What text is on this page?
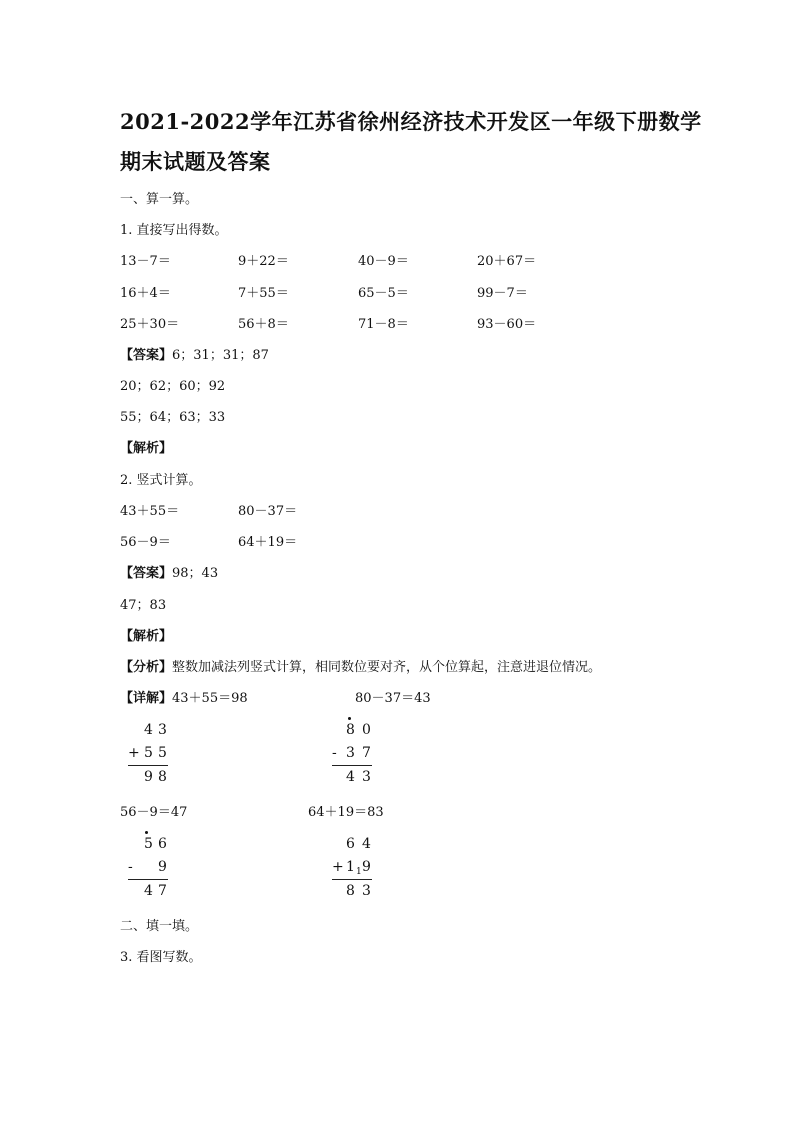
2021-2022学年江苏省徐州经济技术开发区一年级下册数学
期末试题及答案
一、算一算。
1. 直接写出得数。
13－7＝	9＋22＝	40－9＝	20＋67＝
16＋4＝	7＋55＝	65－5＝	99－7＝
25＋30＝	56＋8＝	71－8＝	93－60＝
【答案】6；31；31；87
20；62；60；92
55；64；63；33
【解析】
2. 竖式计算。
43＋55＝	80－37＝
56－9＝	64＋19＝
【答案】98；43
47；83
【解析】
【分析】整数加减法列竖式计算，相同数位要对齐，从个位算起，注意进退位情况。
【详解】43＋55＝98	80－37＝43
4 3
+ 5 5
9 8
8 0
- 3 7
4 3
56－9＝47	64＋19＝83
5 6
- 9
4 7
6 4
+ 1 1 9
8 3
二、填一填。
3. 看图写数。
